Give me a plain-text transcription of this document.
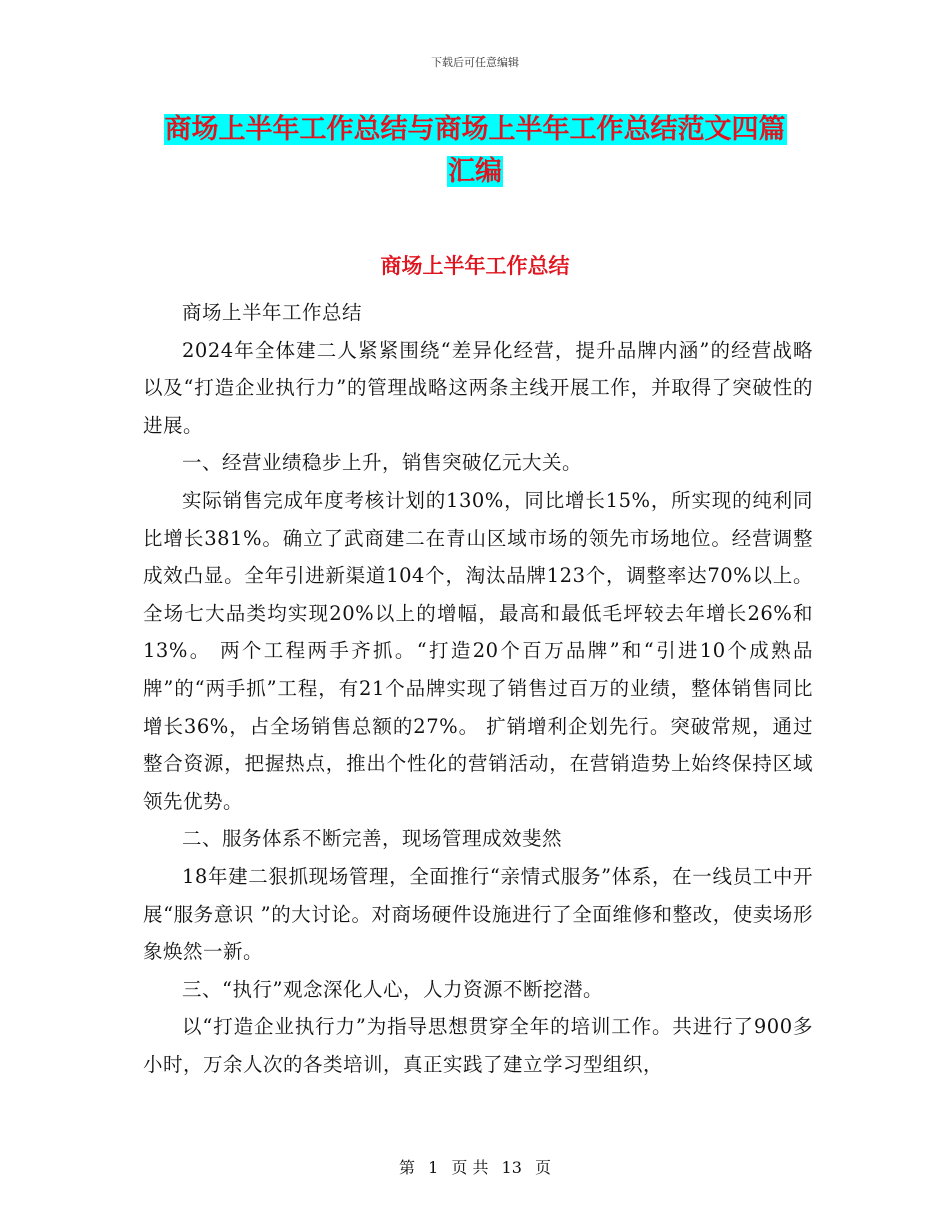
下载后可任意编辑
商场上半年工作总结与商场上半年工作总结范文四篇
汇编
商场上半年工作总结

商场上半年工作总结

2024年全体建二人紧紧围绕“差异化经营，提升品牌内涵”的经营战略以及“打造企业执行力”的管理战略这两条主线开展工作，并取得了突破性的进展。

一、经营业绩稳步上升，销售突破亿元大关。

实际销售完成年度考核计划的130%，同比增长15%，所实现的纯利同比增长381%。确立了武商建二在青山区域市场的领先市场地位。经营调整成效凸显。全年引进新渠道104个，淘汰品牌123个，调整率达70%以上。全场七大品类均实现20%以上的增幅，最高和最低毛坪较去年增长26%和13%。 两个工程两手齐抓。“打造20个百万品牌”和“引进10个成熟品牌”的“两手抓”工程，有21个品牌实现了销售过百万的业绩，整体销售同比增长36%，占全场销售总额的27%。 扩销增利企划先行。突破常规，通过整合资源，把握热点，推出个性化的营销活动，在营销造势上始终保持区域领先优势。

二、服务体系不断完善，现场管理成效斐然

18年建二狠抓现场管理，全面推行“亲情式服务”体系，在一线员工中开展“服务意识 ”的大讨论。对商场硬件设施进行了全面维修和整改，使卖场形象焕然一新。

三、“执行”观念深化人心，人力资源不断挖潜。

以“打造企业执行力”为指导思想贯穿全年的培训工作。共进行了900多小时，万余人次的各类培训，真正实践了建立学习型组织，

第 1 页 共 13 页
